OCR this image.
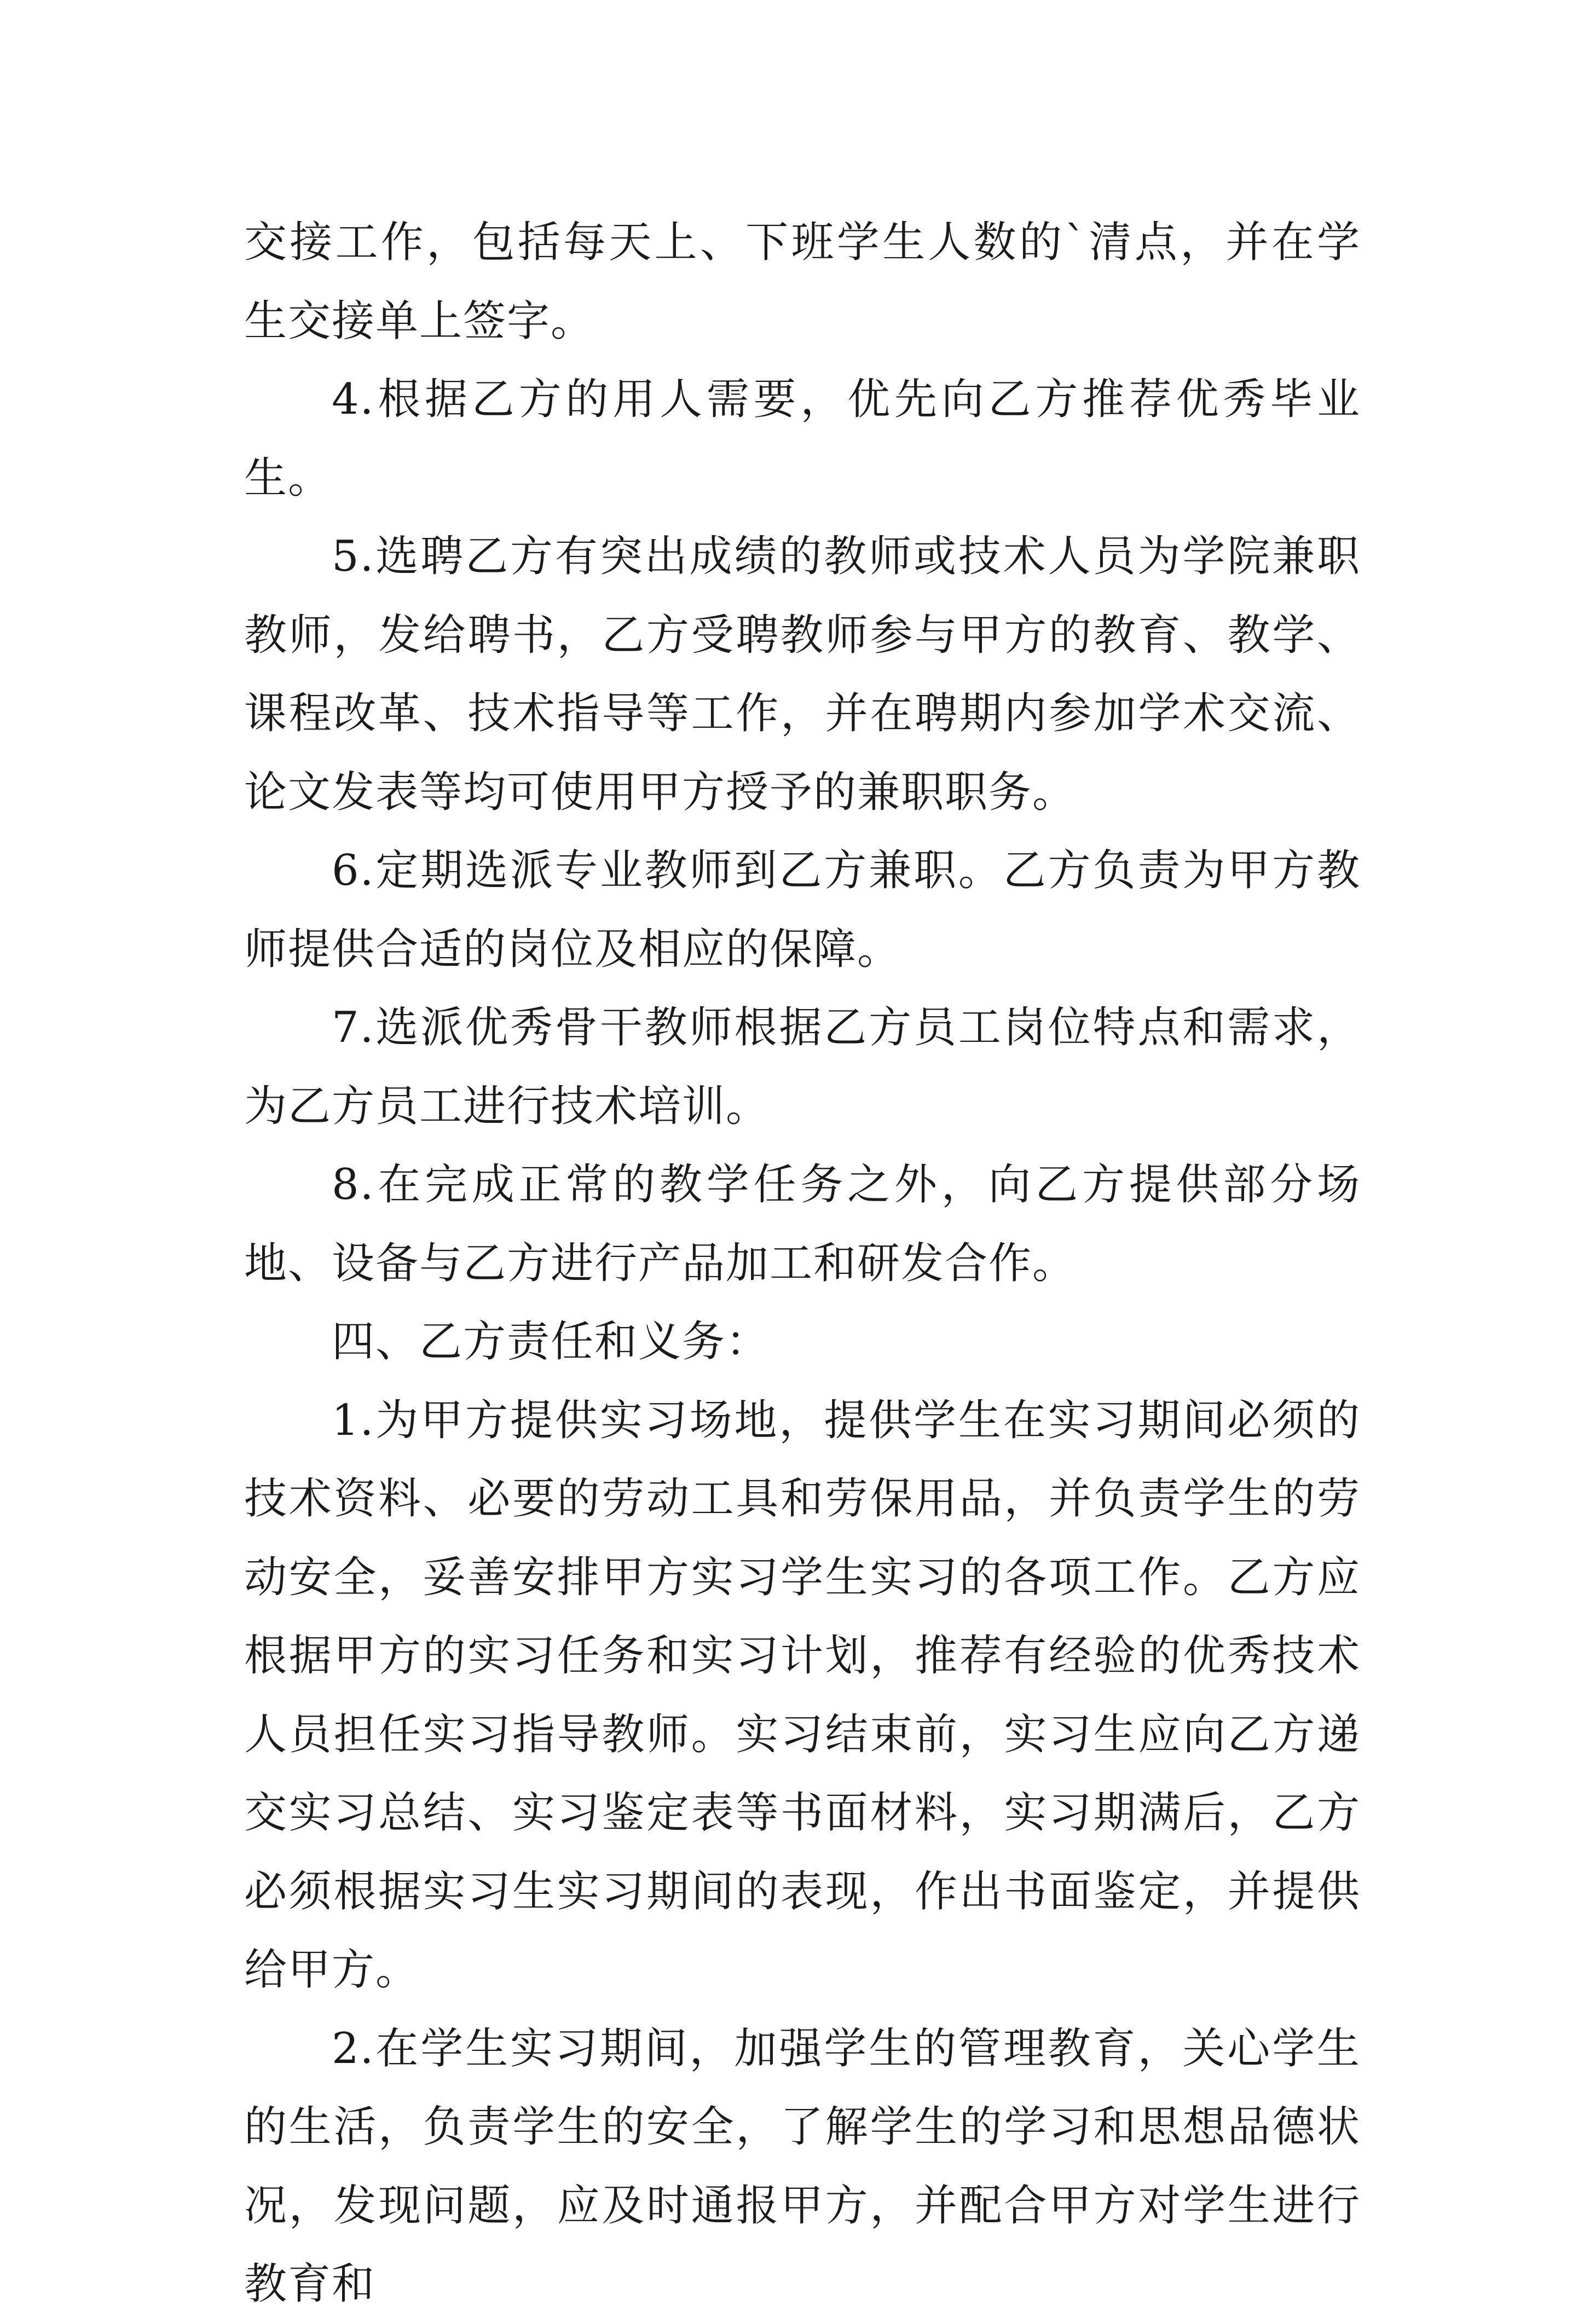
交接工作，包括每天上、下班学生人数的`清点，并在学生交接单上签字。

4.根据乙方的用人需要，优先向乙方推荐优秀毕业生。

5.选聘乙方有突出成绩的教师或技术人员为学院兼职教师，发给聘书，乙方受聘教师参与甲方的教育、教学、课程改革、技术指导等工作，并在聘期内参加学术交流、论文发表等均可使用甲方授予的兼职职务。

6.定期选派专业教师到乙方兼职。乙方负责为甲方教师提供合适的岗位及相应的保障。

7.选派优秀骨干教师根据乙方员工岗位特点和需求，为乙方员工进行技术培训。

8.在完成正常的教学任务之外，向乙方提供部分场地、设备与乙方进行产品加工和研发合作。

四、乙方责任和义务：

1.为甲方提供实习场地，提供学生在实习期间必须的技术资料、必要的劳动工具和劳保用品，并负责学生的劳动安全，妥善安排甲方实习学生实习的各项工作。乙方应根据甲方的实习任务和实习计划，推荐有经验的优秀技术人员担任实习指导教师。实习结束前，实习生应向乙方递交实习总结、实习鉴定表等书面材料，实习期满后，乙方必须根据实习生实习期间的表现，作出书面鉴定，并提供给甲方。

2.在学生实习期间，加强学生的管理教育，关心学生的生活，负责学生的安全，了解学生的学习和思想品德状况，发现问题，应及时通报甲方，并配合甲方对学生进行教育和
